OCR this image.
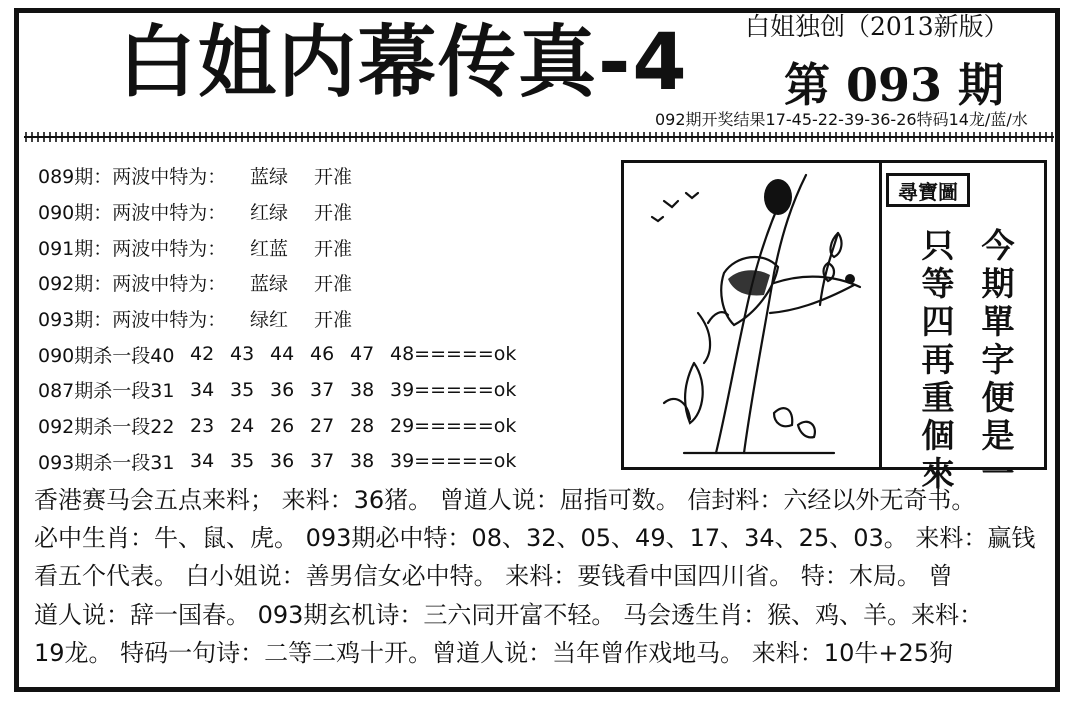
白姐内幕传真-4 白姐独创（2013新版）
第 093 期
092期开奖结果17-45-22-39-36-26特码14龙/蓝/水
089期：两波中特为：	蓝绿	开准
090期：两波中特为：	红绿	开准
091期：两波中特为：	红蓝	开准
092期：两波中特为：	蓝绿	开准
093期：两波中特为：	绿红	开准
090期杀一段40 42 43 44 46 47 48=====ok
087期杀一段31 34 35 36 37 38 39=====ok
092期杀一段22 23 24 26 27 28 29=====ok
093期杀一段31 34 35 36 37 38 39=====ok
尋寶圖
今
期
單
字
便
是
一
只
等
四
再
重
個
來
香港赛马会五点来料； 来料：36猪。 曾道人说：屈指可数。 信封料：六经以外无奇书。
必中生肖：牛、鼠、虎。 093期必中特：08、32、05、49、17、34、25、03。 来料：赢钱
看五个代表。 白小姐说：善男信女必中特。 来料：要钱看中国四川省。 特：木局。 曾
道人说：辞一国春。 093期玄机诗：三六同开富不轻。 马会透生肖：猴、鸡、羊。来料：
19龙。 特码一句诗：二等二鸡十开。曾道人说：当年曾作戏地马。 来料：10牛+25狗
